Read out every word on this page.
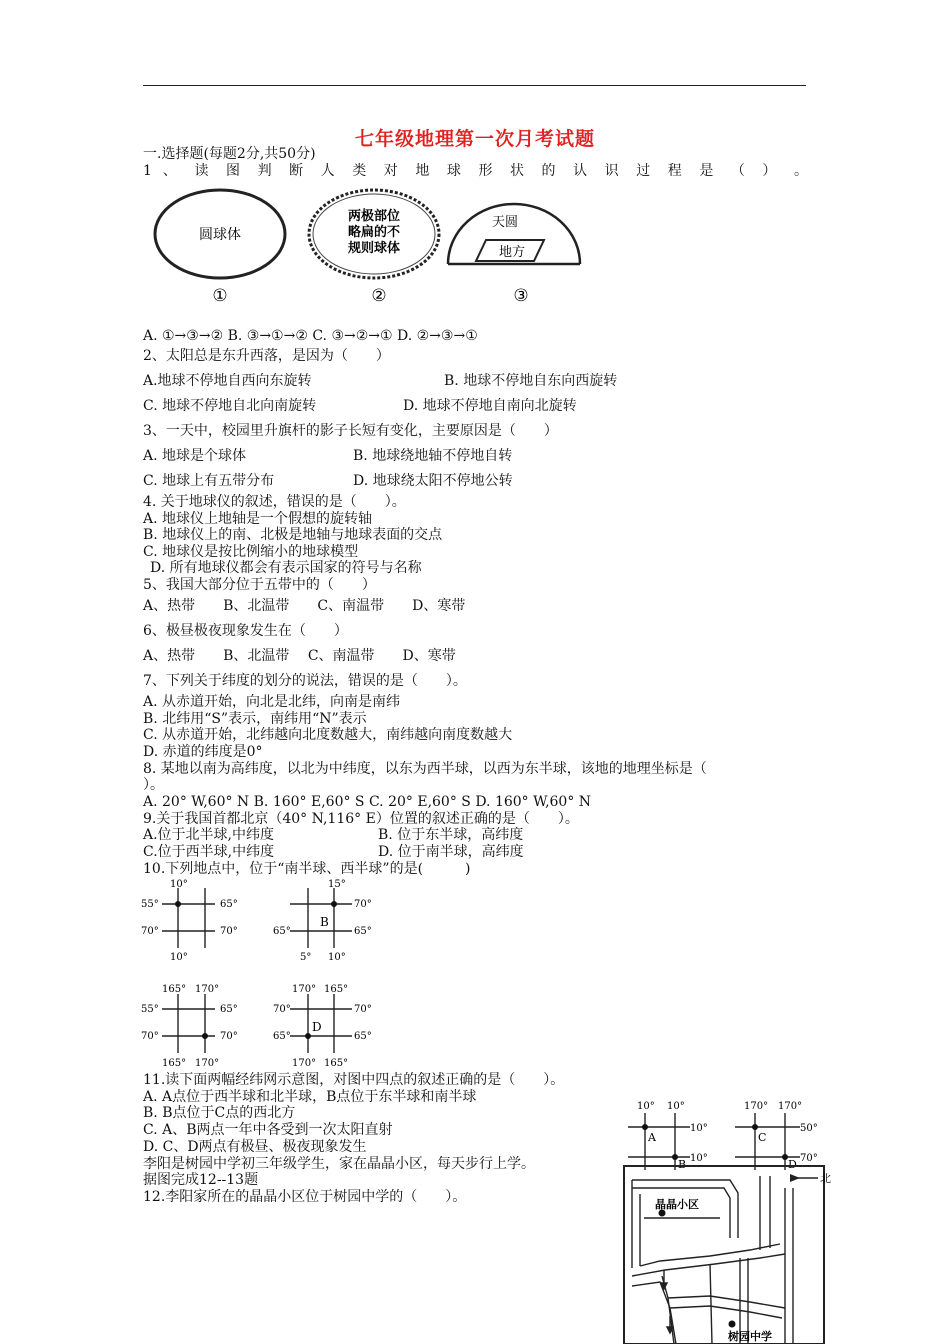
七年级地理第一次月考试题
一.选择题(每题2分,共50分)
1 、 读 图 判 断 人 类 对 地 球 形 状 的 认 识 过 程 是 （ ） 。
圆球体
两极部位
略扁的不
规则球体
天圆
地方
①	②	③
A. ①→③→② B. ③→①→② C. ③→②→① D. ②→③→①
2、太阳总是东升西落，是因为（　　）
A.地球不停地自西向东旋转	B. 地球不停地自东向西旋转
C. 地球不停地自北向南旋转	D. 地球不停地自南向北旋转
3、一天中，校园里升旗杆的影子长短有变化，主要原因是（　　）
A. 地球是个球体	B. 地球绕地轴不停地自转
C. 地球上有五带分布	D. 地球绕太阳不停地公转
4. 关于地球仪的叙述，错误的是（　　）。
A. 地球仪上地轴是一个假想的旋转轴
B. 地球仪上的南、北极是地轴与地球表面的交点
C. 地球仪是按比例缩小的地球模型
D. 所有地球仪都会有表示国家的符号与名称
5、我国大部分位于五带中的（　　）
A、热带　　B、北温带　　C、南温带　　D、寒带
6、极昼极夜现象发生在（　　）
A、热带　　B、北温带　 C、南温带　　D、寒带
7、下列关于纬度的划分的说法，错误的是（　　）。
A. 从赤道开始，向北是北纬，向南是南纬
B. 北纬用“S”表示，南纬用“N”表示
C. 从赤道开始，北纬越向北度数越大，南纬越向南度数越大
D. 赤道的纬度是0°
8. 某地以南为高纬度，以北为中纬度，以东为西半球，以西为东半球，该地的地理坐标是（
）。
A. 20° W,60° N B. 160° E,60° S C. 20° E,60° S D. 160° W,60° N
9.关于我国首都北京（40° N,116° E）位置的叙述正确的是（　　）。
A.位于北半球,中纬度	B. 位于东半球，高纬度
C.位于西半球,中纬度	D. 位于南半球，高纬度
10.下列地点中，位于“南半球、西半球”的是(　　　)
10°
55°	65°
70°	70°
10°
B
15°
70°
65°	65°
5° 10°
165° 170°
55°	65°
70°	70°
165° 170°
D
170° 165°
70°	70°
65°	65°
170° 165°
11.读下面两幅经纬网示意图，对图中四点的叙述正确的是（　　）。
A. A点位于西半球和北半球，B点位于东半球和南半球
B. B点位于C点的西北方
C. A、B两点一年中各受到一次太阳直射
D. C、D两点有极昼、极夜现象发生
李阳是树园中学初三年级学生，家在晶晶小区，每天步行上学。
据图完成12--13题
12.李阳家所在的晶晶小区位于树园中学的（　　）。
A
B
10° 10°
10°
10°
C
D
170° 170°
50°
70°
晶晶小区
树园中学
北
